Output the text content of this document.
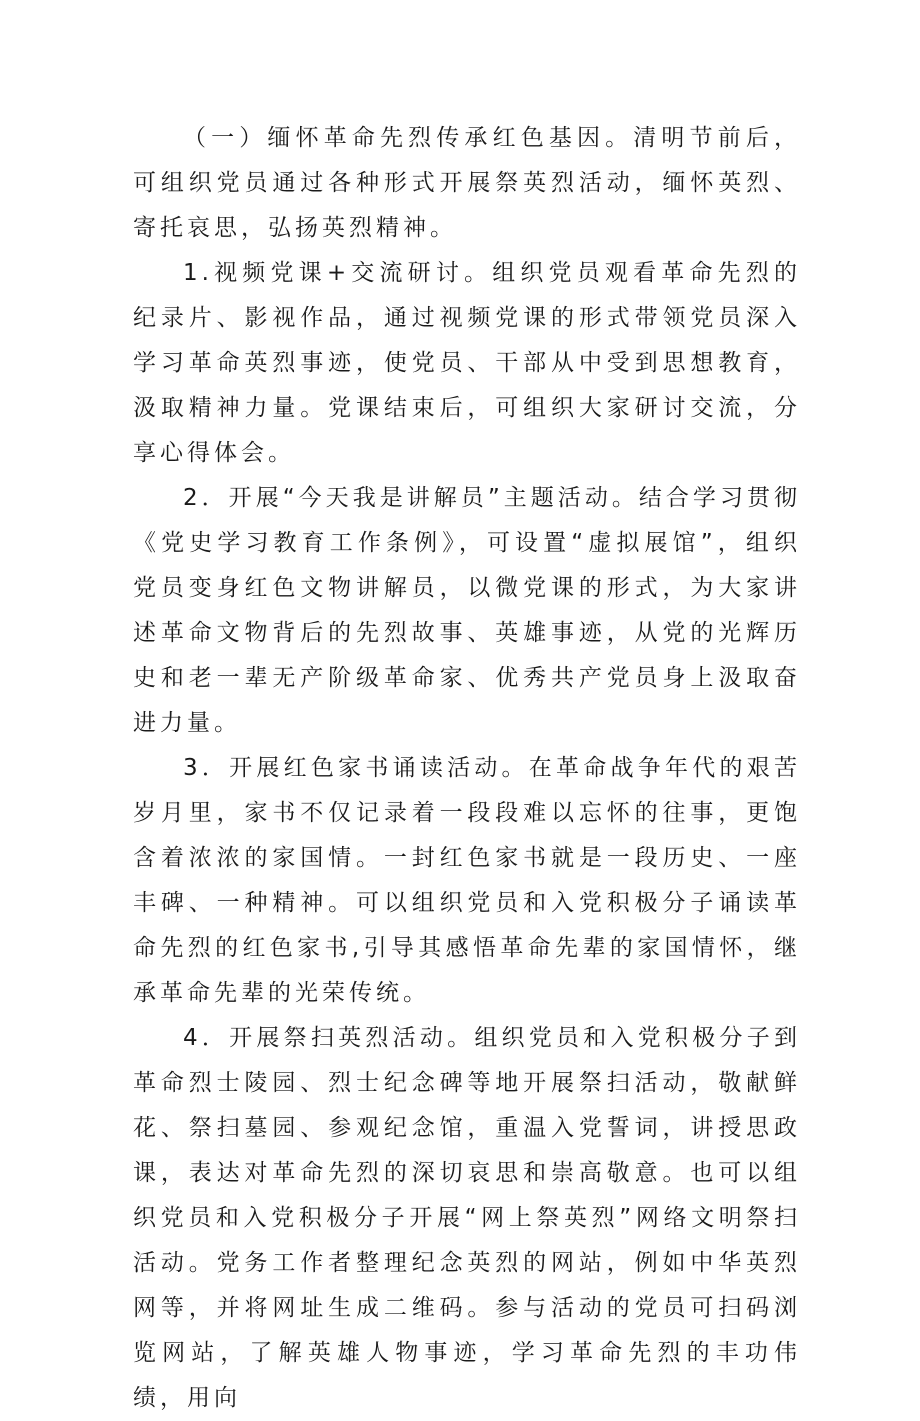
（一）缅怀革命先烈传承红色基因。清明节前后，可组织党员通过各种形式开展祭英烈活动，缅怀英烈、寄托哀思，弘扬英烈精神。

1.视频党课+交流研讨。组织党员观看革命先烈的纪录片、影视作品，通过视频党课的形式带领党员深入学习革命英烈事迹，使党员、干部从中受到思想教育，汲取精神力量。党课结束后，可组织大家研讨交流，分享心得体会。

2．开展“今天我是讲解员”主题活动。结合学习贯彻《党史学习教育工作条例》，可设置“虚拟展馆”，组织党员变身红色文物讲解员，以微党课的形式，为大家讲述革命文物背后的先烈故事、英雄事迹，从党的光辉历史和老一辈无产阶级革命家、优秀共产党员身上汲取奋进力量。

3．开展红色家书诵读活动。在革命战争年代的艰苦岁月里，家书不仅记录着一段段难以忘怀的往事，更饱含着浓浓的家国情。一封红色家书就是一段历史、一座丰碑、一种精神。可以组织党员和入党积极分子诵读革命先烈的红色家书,引导其感悟革命先辈的家国情怀，继承革命先辈的光荣传统。

4．开展祭扫英烈活动。组织党员和入党积极分子到革命烈士陵园、烈士纪念碑等地开展祭扫活动，敬献鲜花、祭扫墓园、参观纪念馆，重温入党誓词，讲授思政课，表达对革命先烈的深切哀思和崇高敬意。也可以组织党员和入党积极分子开展“网上祭英烈”网络文明祭扫活动。党务工作者整理纪念英烈的网站，例如中华英烈网等，并将网址生成二维码。参与活动的党员可扫码浏览网站，了解英雄人物事迹，学习革命先烈的丰功伟绩，用向
